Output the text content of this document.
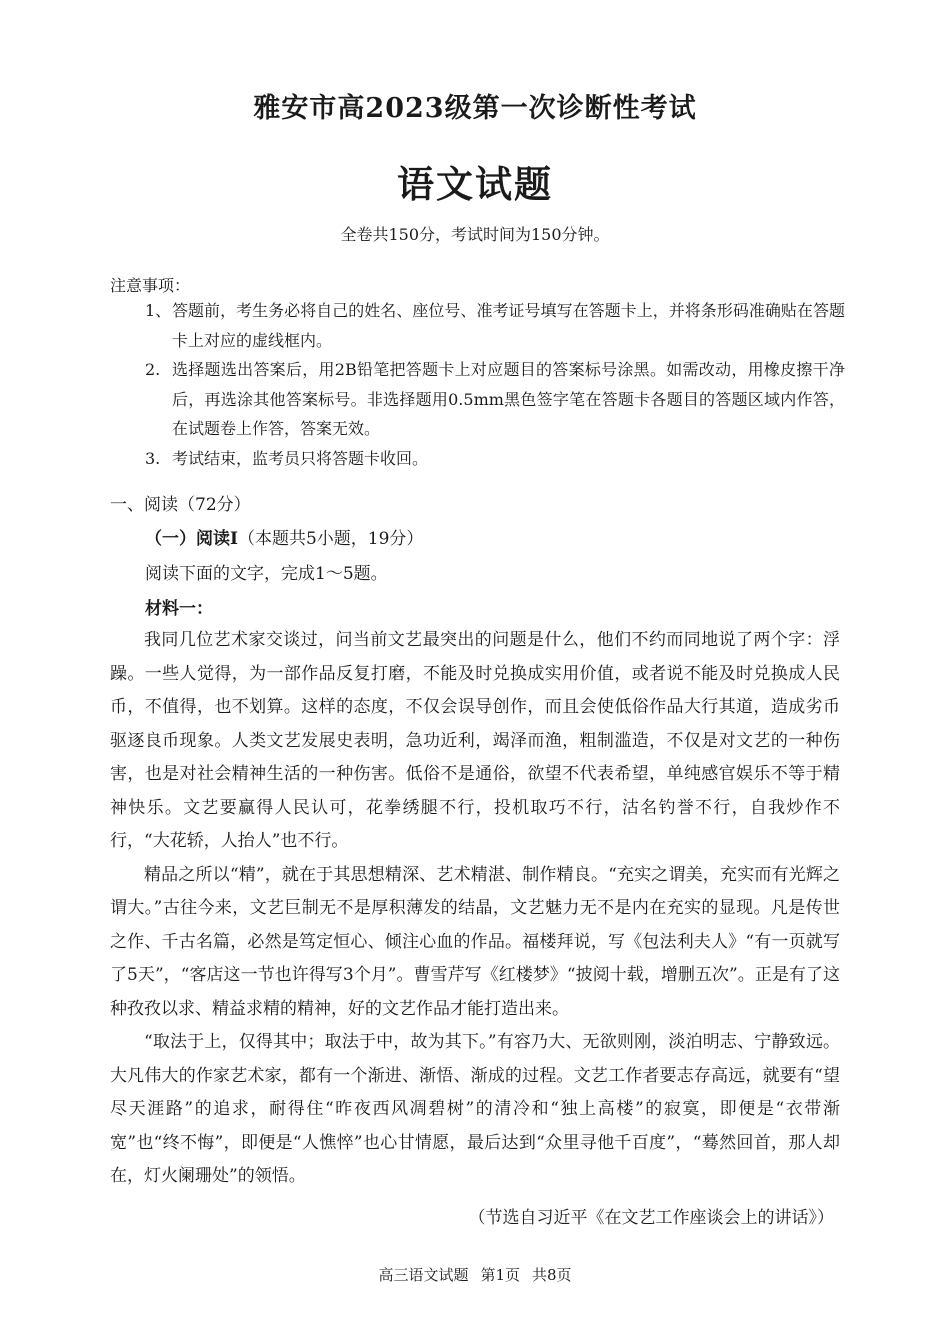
雅安市高2023级第一次诊断性考试
语文试题
全卷共150分，考试时间为150分钟。
注意事项：
1、 答题前，考生务必将自己的姓名、座位号、准考证号填写在答题卡上，并将条形码准确贴在答题卡上对应的虚线框内。
2. 选择题选出答案后，用2B铅笔把答题卡上对应题目的答案标号涂黑。如需改动，用橡皮擦干净后，再选涂其他答案标号。非选择题用0.5mm黑色签字笔在答题卡各题目的答题区域内作答，在试题卷上作答，答案无效。
3. 考试结束，监考员只将答题卡收回。
一、阅读（72分）
（一）阅读Ⅰ（本题共5小题，19分）
阅读下面的文字，完成1～5题。
材料一：

我同几位艺术家交谈过，问当前文艺最突出的问题是什么，他们不约而同地说了两个字：浮躁。一些人觉得，为一部作品反复打磨，不能及时兑换成实用价值，或者说不能及时兑换成人民币，不值得，也不划算。这样的态度，不仅会误导创作，而且会使低俗作品大行其道，造成劣币驱逐良币现象。人类文艺发展史表明，急功近利，竭泽而渔，粗制滥造，不仅是对文艺的一种伤害，也是对社会精神生活的一种伤害。低俗不是通俗，欲望不代表希望，单纯感官娱乐不等于精神快乐。文艺要赢得人民认可，花拳绣腿不行，投机取巧不行，沽名钓誉不行，自我炒作不行，“大花轿，人抬人”也不行。

精品之所以“精”，就在于其思想精深、艺术精湛、制作精良。“充实之谓美，充实而有光辉之谓大。”古往今来，文艺巨制无不是厚积薄发的结晶，文艺魅力无不是内在充实的显现。凡是传世之作、千古名篇，必然是笃定恒心、倾注心血的作品。福楼拜说，写《包法利夫人》“有一页就写了5天”，“客店这一节也许得写3个月”。曹雪芹写《红楼梦》“披阅十载，增删五次”。正是有了这种孜孜以求、精益求精的精神，好的文艺作品才能打造出来。

“取法于上，仅得其中；取法于中，故为其下。”有容乃大、无欲则刚，淡泊明志、宁静致远。大凡伟大的作家艺术家，都有一个渐进、渐悟、渐成的过程。文艺工作者要志存高远，就要有“望尽天涯路”的追求，耐得住“昨夜西风凋碧树”的清冷和“独上高楼”的寂寞，即便是“衣带渐宽”也“终不悔”，即便是“人憔悴”也心甘情愿，最后达到“众里寻他千百度”，“蓦然回首，那人却在，灯火阑珊处”的领悟。

（节选自习近平《在文艺工作座谈会上的讲话》）
高三语文试题 第1页 共8页
